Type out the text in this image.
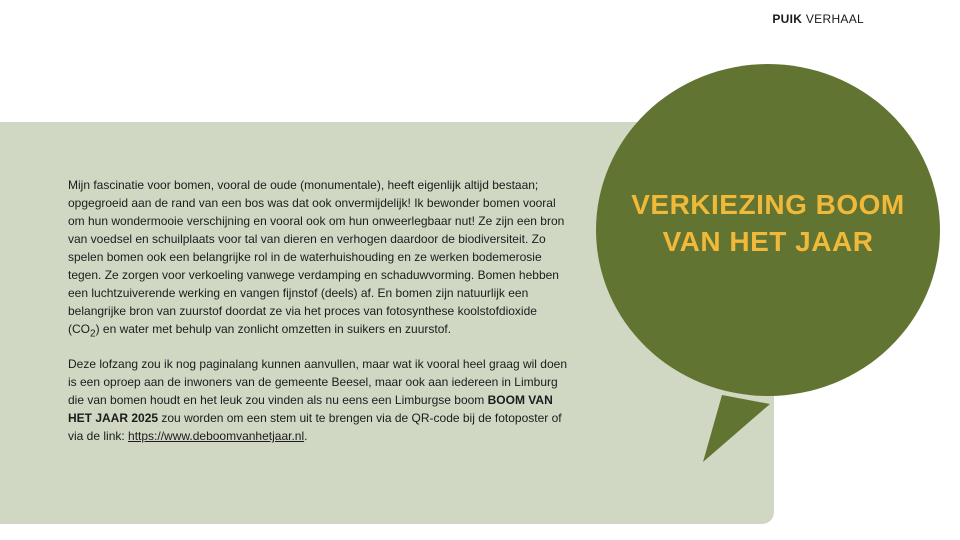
PUIK VERHAAL

Mijn fascinatie voor bomen, vooral de oude (monumentale), heeft eigenlijk altijd bestaan; opgegroeid aan de rand van een bos was dat ook onvermijdelijk! Ik bewonder bomen vooral om hun wondermooie verschijning en vooral ook om hun onweerlegbaar nut! Ze zijn een bron van voedsel en schuilplaats voor tal van dieren en verhogen daardoor de biodiversiteit. Zo spelen bomen ook een belangrijke rol in de waterhuishouding en ze werken bodemerosie tegen. Ze zorgen voor verkoeling vanwege verdamping en schaduwvorming. Bomen hebben een luchtzuiverende werking en vangen fijnstof (deels) af. En bomen zijn natuurlijk een belangrijke bron van zuurstof doordat ze via het proces van fotosynthese koolstofdioxide $(CO_2)$ en water met behulp van zonlicht omzetten in suikers en zuurstof.

Deze lofzang zou ik nog paginalang kunnen aanvullen, maar wat ik vooral heel graag wil doen is een oproep aan de inwoners van de gemeente Beesel, maar ook aan iedereen in Limburg die van bomen houdt en het leuk zou vinden als nu eens een Limburgse boom BOOM VAN HET JAAR 2025 zou worden om een stem uit te brengen via de QR-code bij de fotoposter of via de link: https://www.deboomvanhetjaar.nl.

VERKIEZING BOOM
VAN HET JAAR
